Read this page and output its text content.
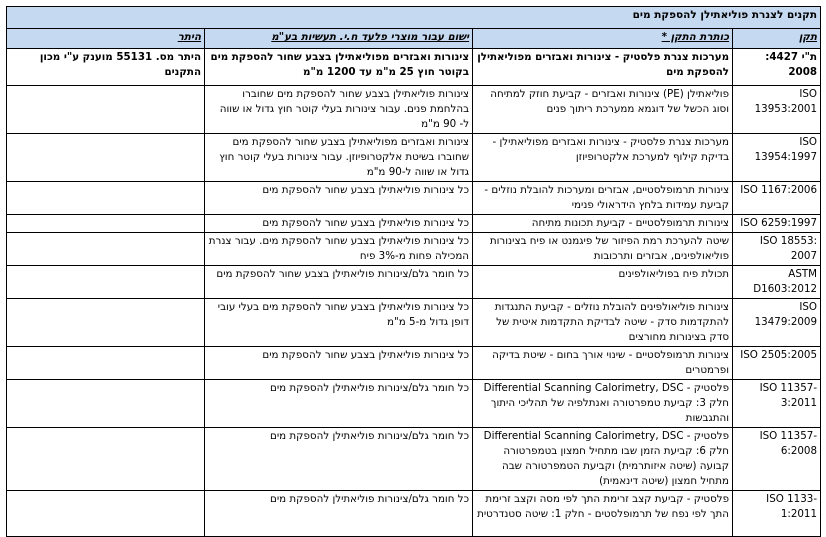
תקנים לצנרת פוליאתילן להספקת מים			
תקן	כותרת התקן *	ישום עבור מוצרי פלעד ח.י. תעשיות בע"מ	היתר
ת"י 4427: 2008	מערכות צנרת פלסטיק - צינורות ואבזרים מפוליאתילן להספקת מים	צינורות ואבזרים מפוליאתילן בצבע שחור להספקת מים בקוטר חוץ 25 מ"מ עד 1200 מ"מ	היתר מס. 55131 מוענק ע"י מכון התקנים
ISO 13953:2001	פוליאתילן (PE) צינורות ואבזרים - קביעת חוזק למתיחה וסוג הכשל של דוגמא ממערכת ריתוך פנים	צינורות פוליאתילן בצבע שחור להספקת מים שחוברו בהלחמת פנים. עבור צינורות בעלי קוטר חוץ גדול או שווה ל- 90 מ"מ	
ISO 13954:1997	מערכות צנרת פלסטיק - צינורות ואבזרים מפוליאתילן - בדיקת קילוף למערכת אלקטרופיוזן	צינורות ואבזרים מפוליאתילן בצבע שחור להספקת מים שחוברו בשיטת אלקטרופיוזן. עבור צינורות בעלי קוטר חוץ גדול או שווה ל-90 מ"מ	
ISO 1167:2006	צינורות תרמופלסטיים, אבזרים ומערכות להובלת נוזלים - קביעת עמידות בלחץ הידראולי פנימי	כל צינורות פוליאתילן בצבע שחור להספקת מים	
ISO 6259:1997	צינורות תרמופלסטיים - קביעת תכונות מתיחה	כל צינורות פוליאתילן בצבע שחור להספקת מים	
ISO 18553: 2007	שיטה להערכת רמת הפיזור של פיגמנט או פיח בצינורות פוליאולפינים, אבזרים ותרכובות	כל צינורות פוליאתילן בצבע שחור להספקת מים. עבור צנרת המכילה פחות מ-3% פיח	
ASTM D1603:2012	תכולת פיח בפוליאולפינים	כל חומר גלם/צינורות פוליאתילן בצבע שחור להספקת מים	
ISO 13479:2009	צינורות פוליאולפינים להובלת נוזלים - קביעת התנגדות להתקדמות סדק - שיטה לבדיקת התקדמות איטית של סדק בצינורות מחורצים	כל צינורות פוליאתילן בצבע שחור להספקת מים בעלי עובי דופן גדול מ-5 מ"מ	
ISO 2505:2005	צינורות תרמופלסטיים - שינוי אורך בחום - שיטת בדיקה ופרמטרים	כל צינורות פוליאתילן בצבע שחור להספקת מים	
ISO 11357-3:2011	פלסטיק - Differential Scanning Calorimetry, DSC חלק 3: קביעת טמפרטורה ואנתלפיה של תהליכי היתוך והתגבשות	כל חומר גלם/צינורות פוליאתילן להספקת מים	
ISO 11357-6:2008	פלסטיק - Differential Scanning Calorimetry, DSC חלק 6: קביעת הזמן שבו מתחיל חמצון בטמפרטורה קבועה (שיטה איזותרמית) וקביעת הטמפרטורה שבה מתחיל חמצון (שיטה דינאמית)	כל חומר גלם/צינורות פוליאתילן להספקת מים	
ISO 1133-1:2011	פלסטיק - קביעת קצב זרימת התך לפי מסה וקצב זרימת התך לפי נפח של תרמופלסטים - חלק 1: שיטה סטנדרטית	כל חומר גלם/צינורות פוליאתילן להספקת מים	
